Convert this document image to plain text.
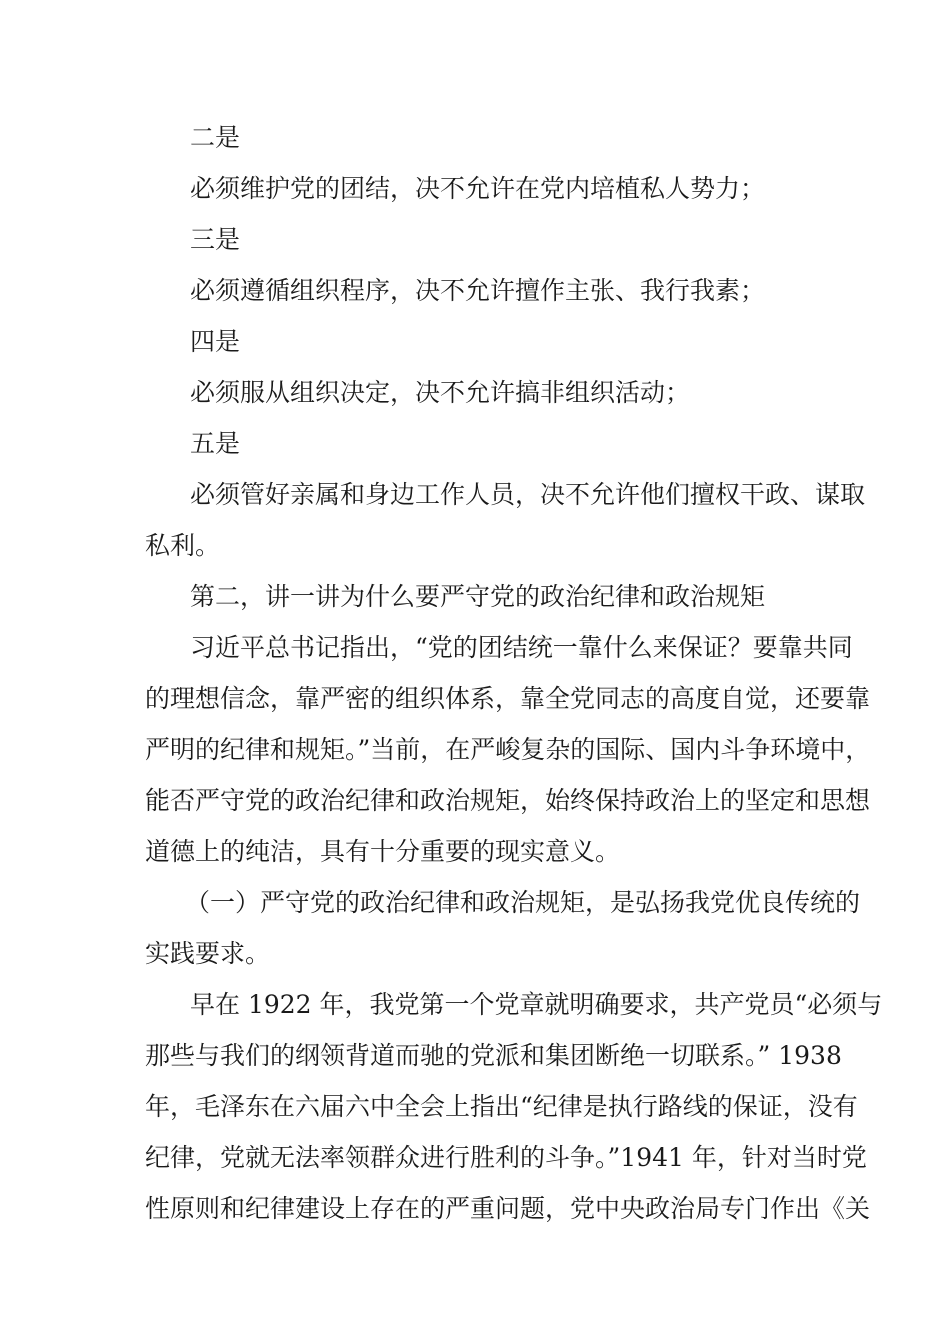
二是

必须维护党的团结，决不允许在党内培植私人势力；

三是

必须遵循组织程序，决不允许擅作主张、我行我素；

四是

必须服从组织决定，决不允许搞非组织活动；

五是

必须管好亲属和身边工作人员，决不允许他们擅权干政、谋取
私利。

第二，讲一讲为什么要严守党的政治纪律和政治规矩

习近平总书记指出，“党的团结统一靠什么来保证？要靠共同
的理想信念，靠严密的组织体系，靠全党同志的高度自觉，还要靠
严明的纪律和规矩。”当前，在严峻复杂的国际、国内斗争环境中，
能否严守党的政治纪律和政治规矩，始终保持政治上的坚定和思想
道德上的纯洁，具有十分重要的现实意义。
（一）严守党的政治纪律和政治规矩，是弘扬我党优良传统的
实践要求。
早在 1922 年，我党第一个党章就明确要求，共产党员“必须与
那些与我们的纲领背道而驰的党派和集团断绝一切联系。” 1938
年，毛泽东在六届六中全会上指出“纪律是执行路线的保证，没有
纪律，党就无法率领群众进行胜利的斗争。”1941 年，针对当时党
性原则和纪律建设上存在的严重问题，党中央政治局专门作出《关
